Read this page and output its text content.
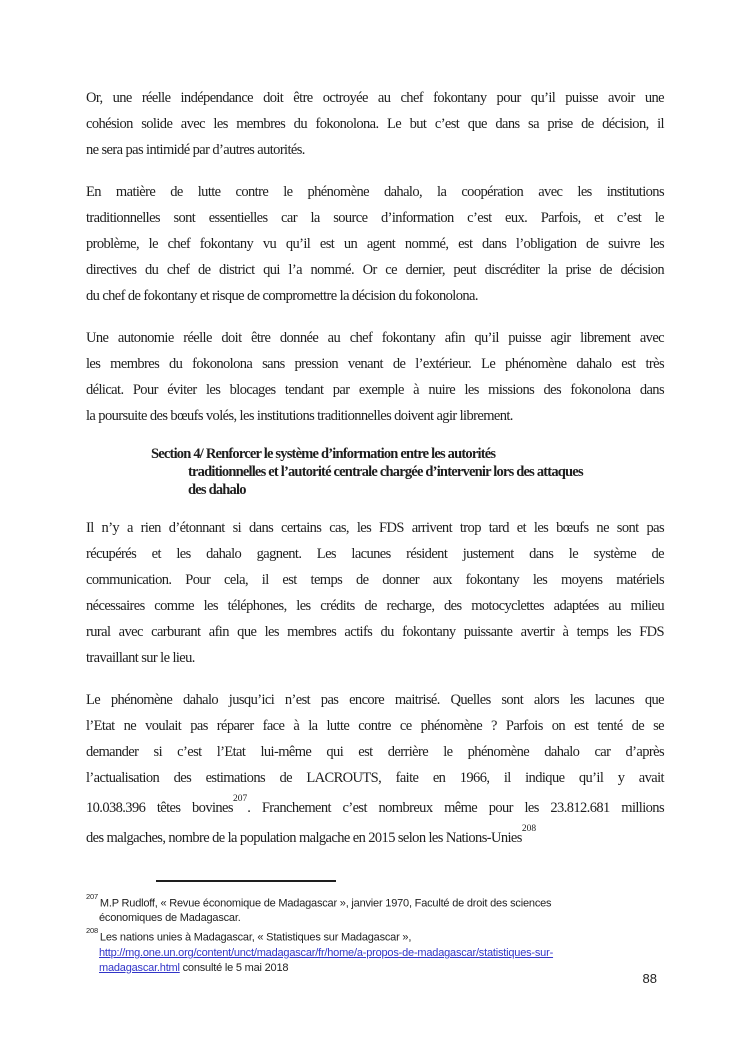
Or, une réelle indépendance doit être octroyée au chef fokontany pour qu’il puisse avoir une
cohésion solide avec les membres du fokonolona. Le but c’est que dans sa prise de décision, il
ne sera pas intimidé par d’autres autorités.
En matière de lutte contre le phénomène dahalo, la coopération avec les institutions
traditionnelles sont essentielles car la source d’information c’est eux. Parfois, et c’est le
problème, le chef fokontany vu qu’il est un agent nommé, est dans l’obligation de suivre les
directives du chef de district qui l’a nommé. Or ce dernier, peut discréditer la prise de décision
du chef de fokontany et risque de compromettre la décision du fokonolona.
Une autonomie réelle doit être donnée au chef fokontany afin qu’il puisse agir librement avec
les membres du fokonolona sans pression venant de l’extérieur. Le phénomène dahalo est très
délicat. Pour éviter les blocages tendant par exemple à nuire les missions des fokonolona dans
la poursuite des bœufs volés, les institutions traditionnelles doivent agir librement.
Section 4/ Renforcer le système d’information entre les autorités
traditionnelles et l’autorité centrale chargée d’intervenir lors des attaques
des dahalo
Il n’y a rien d’étonnant si dans certains cas, les FDS arrivent trop tard et les bœufs ne sont pas
récupérés et les dahalo gagnent. Les lacunes résident justement dans le système de
communication. Pour cela, il est temps de donner aux fokontany les moyens matériels
nécessaires comme les téléphones, les crédits de recharge, des motocyclettes adaptées au milieu
rural avec carburant afin que les membres actifs du fokontany puissante avertir à temps les FDS
travaillant sur le lieu.
Le phénomène dahalo jusqu’ici n’est pas encore maitrisé. Quelles sont alors les lacunes que
l’Etat ne voulait pas réparer face à la lutte contre ce phénomène ? Parfois on est tenté de se
demander si c’est l’Etat lui-même qui est derrière le phénomène dahalo car d’après
l’actualisation des estimations de LACROUTS, faite en 1966, il indique qu’il y avait
10.038.396 têtes bovines$^{207}$. Franchement c’est nombreux même pour les 23.812.681 millions
des malgaches, nombre de la population malgache en 2015 selon les Nations-Unies$^{208}$
$^{207}$M.P Rudloff, « Revue économique de Madagascar », janvier 1970, Faculté de droit des sciences
économiques de Madagascar.
$^{208}$Les nations unies à Madagascar, « Statistiques sur Madagascar »,
http://mg.one.un.org/content/unct/madagascar/fr/home/a-propos-de-madagascar/statistiques-sur-
madagascar.html consulté le 5 mai 2018
88
